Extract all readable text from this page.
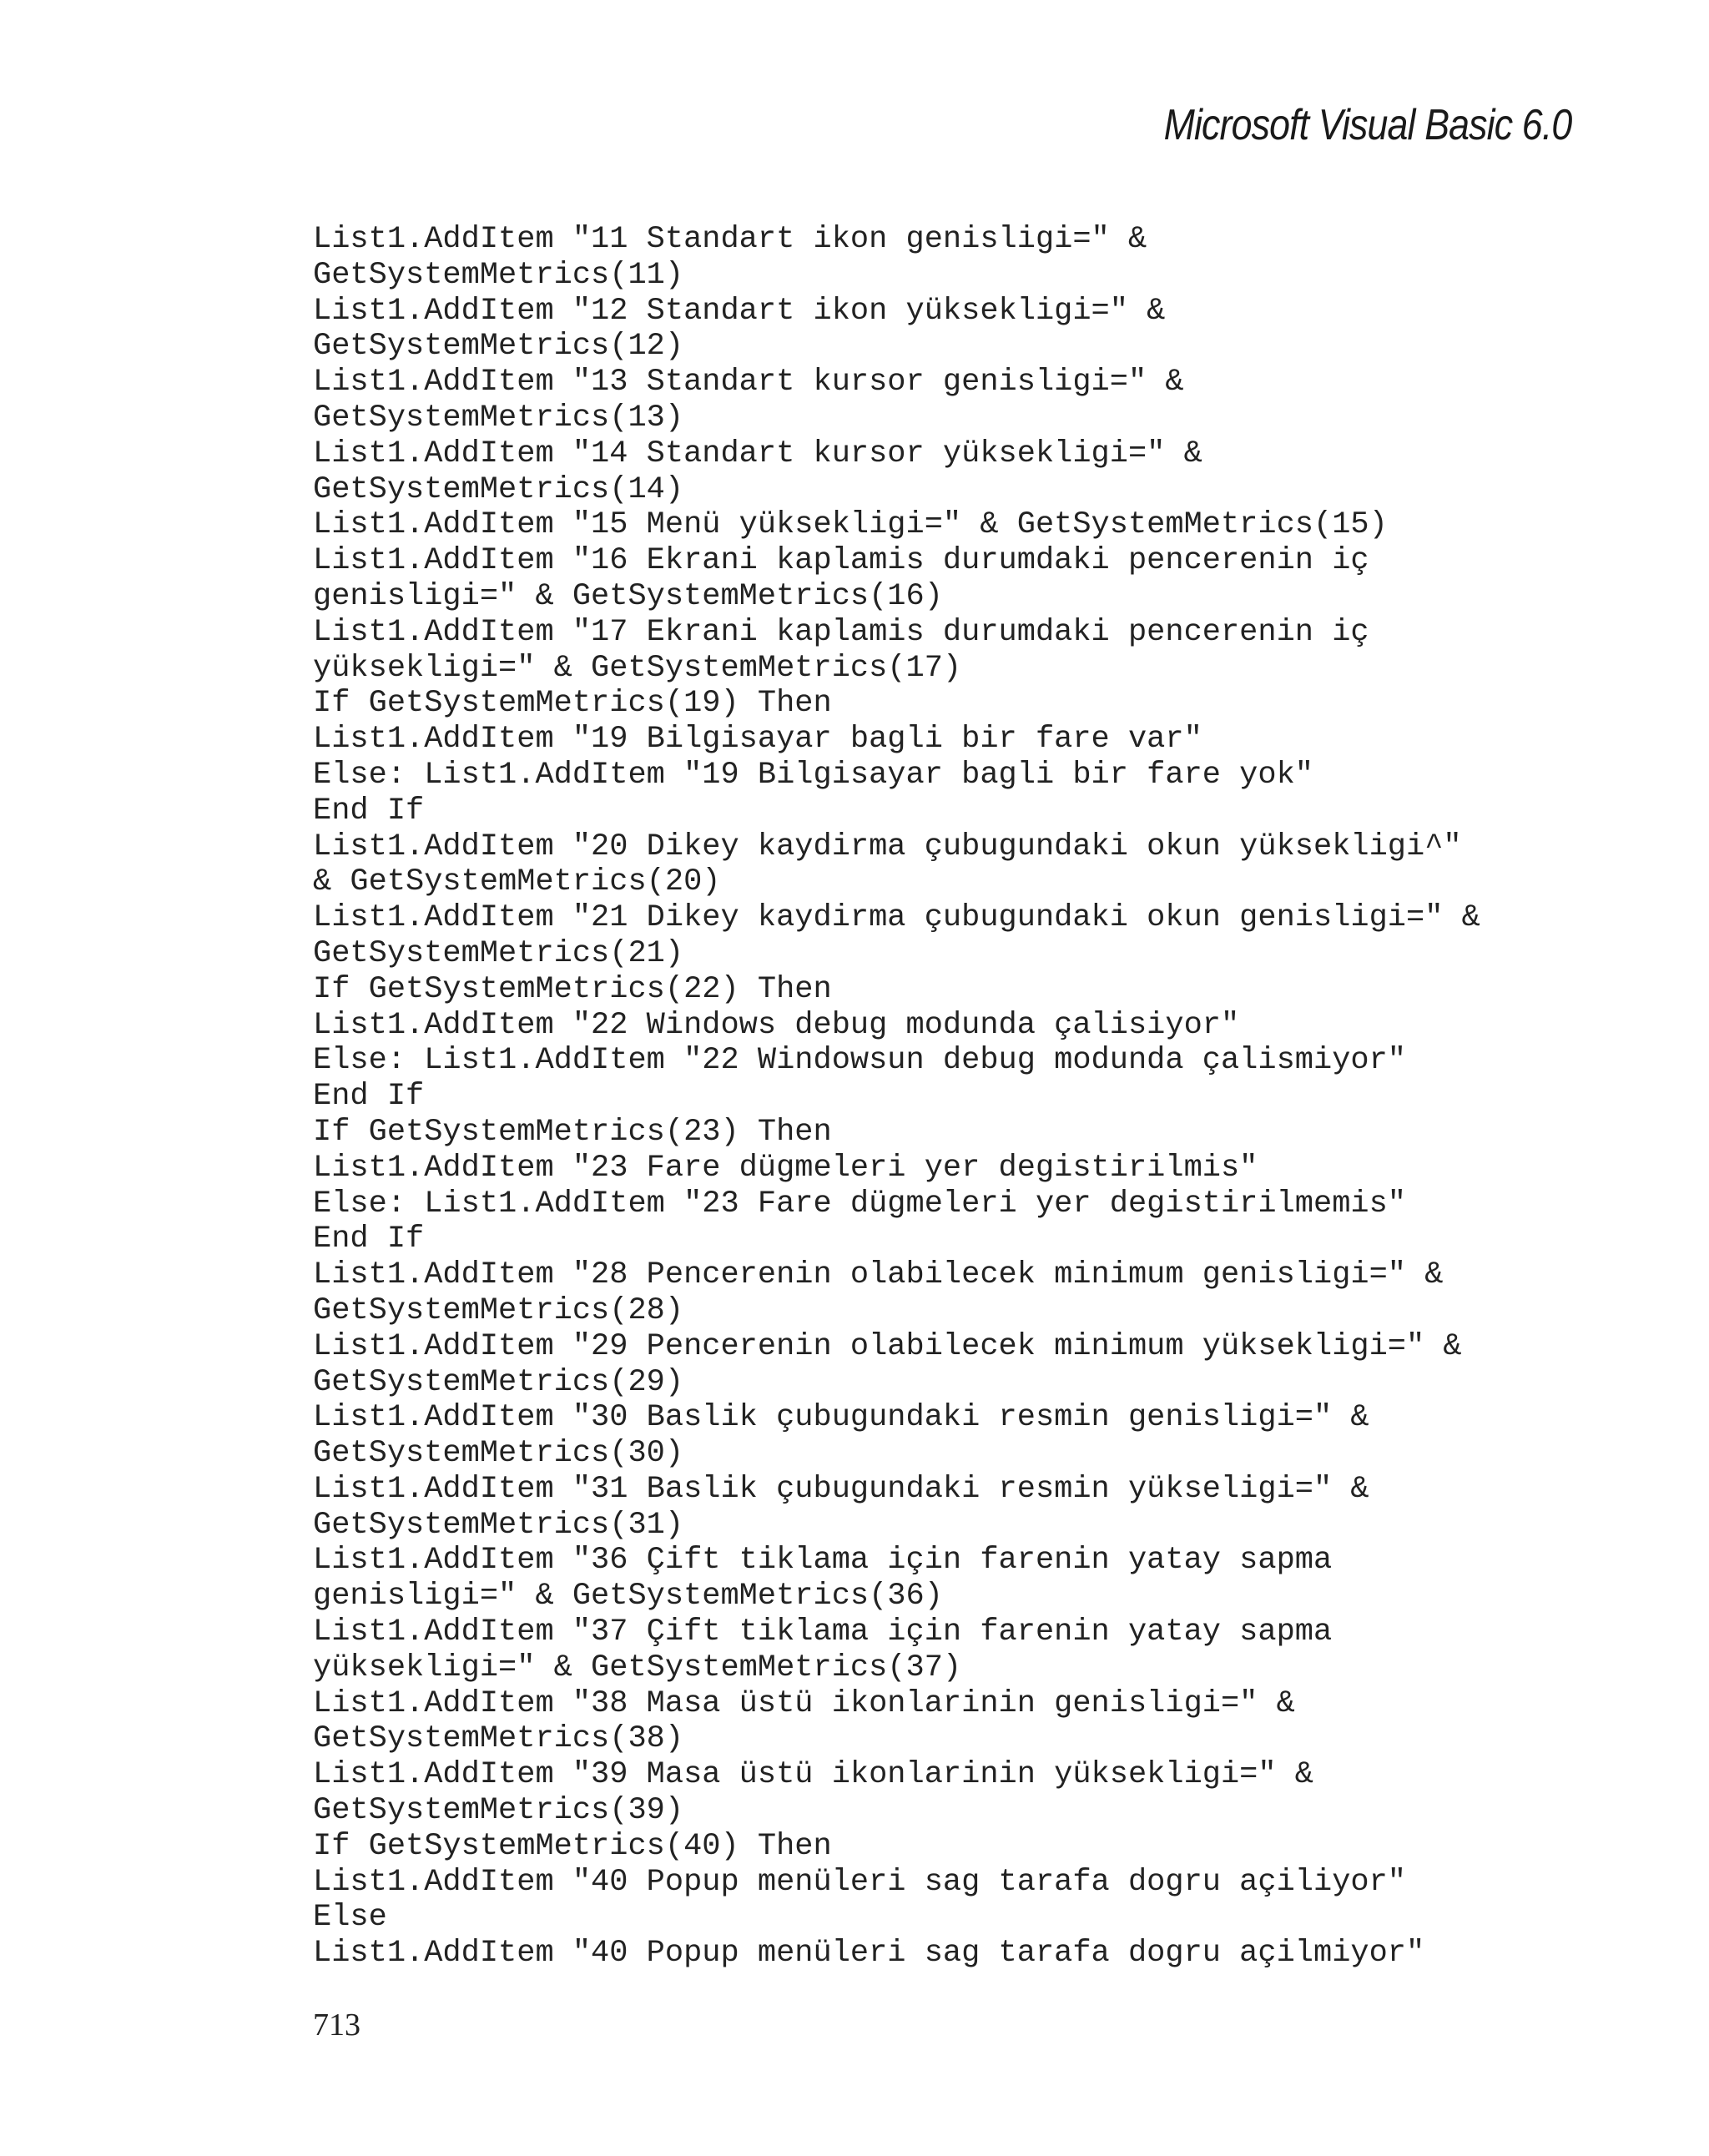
Microsoft Visual Basic 6.0
List1.AddItem "11 Standart ikon genisligi=" &
GetSystemMetrics(11)
List1.AddItem "12 Standart ikon yüksekligi=" &
GetSystemMetrics(12)
List1.AddItem "13 Standart kursor genisligi=" &
GetSystemMetrics(13)
List1.AddItem "14 Standart kursor yüksekligi=" &
GetSystemMetrics(14)
List1.AddItem "15 Menü yüksekligi=" & GetSystemMetrics(15)
List1.AddItem "16 Ekrani kaplamis durumdaki pencerenin iç
genisligi=" & GetSystemMetrics(16)
List1.AddItem "17 Ekrani kaplamis durumdaki pencerenin iç
yüksekligi=" & GetSystemMetrics(17)
If GetSystemMetrics(19) Then
List1.AddItem "19 Bilgisayar bagli bir fare var"
Else: List1.AddItem "19 Bilgisayar bagli bir fare yok"
End If
List1.AddItem "20 Dikey kaydirma çubugundaki okun yüksekligi^"
& GetSystemMetrics(20)
List1.AddItem "21 Dikey kaydirma çubugundaki okun genisligi=" &
GetSystemMetrics(21)
If GetSystemMetrics(22) Then
List1.AddItem "22 Windows debug modunda çalisiyor"
Else: List1.AddItem "22 Windowsun debug modunda çalismiyor"
End If
If GetSystemMetrics(23) Then
List1.AddItem "23 Fare dügmeleri yer degistirilmis"
Else: List1.AddItem "23 Fare dügmeleri yer degistirilmemis"
End If
List1.AddItem "28 Pencerenin olabilecek minimum genisligi=" &
GetSystemMetrics(28)
List1.AddItem "29 Pencerenin olabilecek minimum yüksekligi=" &
GetSystemMetrics(29)
List1.AddItem "30 Baslik çubugundaki resmin genisligi=" &
GetSystemMetrics(30)
List1.AddItem "31 Baslik çubugundaki resmin yükseligi=" &
GetSystemMetrics(31)
List1.AddItem "36 Çift tiklama için farenin yatay sapma
genisligi=" & GetSystemMetrics(36)
List1.AddItem "37 Çift tiklama için farenin yatay sapma
yüksekligi=" & GetSystemMetrics(37)
List1.AddItem "38 Masa üstü ikonlarinin genisligi=" &
GetSystemMetrics(38)
List1.AddItem "39 Masa üstü ikonlarinin yüksekligi=" &
GetSystemMetrics(39)
If GetSystemMetrics(40) Then
List1.AddItem "40 Popup menüleri sag tarafa dogru açiliyor"
Else
List1.AddItem "40 Popup menüleri sag tarafa dogru açilmiyor"
713
